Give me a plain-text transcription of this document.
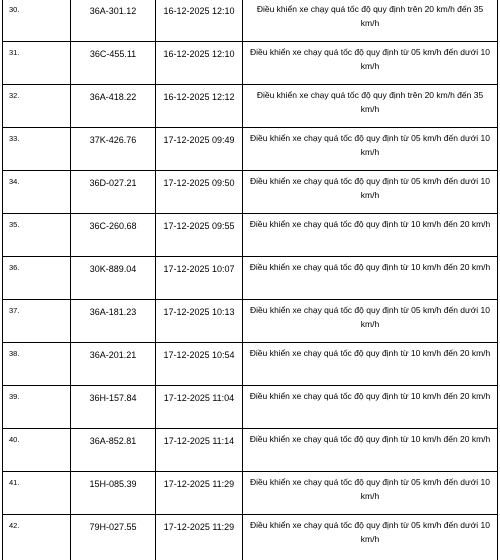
30.	36A-301.12	16-12-2025 12:10	Điều khiển xe chạy quá tốc độ quy định trên 20 km/h đến 35 km/h
31.	36C-455.11	16-12-2025 12:10	Điều khiển xe chạy quá tốc độ quy định từ 05 km/h đến dưới 10 km/h
32.	36A-418.22	16-12-2025 12:12	Điều khiển xe chạy quá tốc độ quy định trên 20 km/h đến 35 km/h
33.	37K-426.76	17-12-2025 09:49	Điều khiển xe chạy quá tốc độ quy định từ 05 km/h đến dưới 10 km/h
34.	36D-027.21	17-12-2025 09:50	Điều khiển xe chạy quá tốc độ quy định từ 05 km/h đến dưới 10 km/h
35.	36C-260.68	17-12-2025 09:55	Điều khiển xe chạy quá tốc độ quy định từ 10 km/h đến 20 km/h
36.	30K-889.04	17-12-2025 10:07	Điều khiển xe chạy quá tốc độ quy định từ 10 km/h đến 20 km/h
37.	36A-181.23	17-12-2025 10:13	Điều khiển xe chạy quá tốc độ quy định từ 05 km/h đến dưới 10 km/h
38.	36A-201.21	17-12-2025 10:54	Điều khiển xe chạy quá tốc độ quy định từ 10 km/h đến 20 km/h
39.	36H-157.84	17-12-2025 11:04	Điều khiển xe chạy quá tốc độ quy định từ 10 km/h đến 20 km/h
40.	36A-852.81	17-12-2025 11:14	Điều khiển xe chạy quá tốc độ quy định từ 10 km/h đến 20 km/h
41.	15H-085.39	17-12-2025 11:29	Điều khiển xe chạy quá tốc độ quy định từ 05 km/h đến dưới 10 km/h
42.	79H-027.55	17-12-2025 11:29	Điều khiển xe chạy quá tốc độ quy định từ 05 km/h đến dưới 10 km/h
